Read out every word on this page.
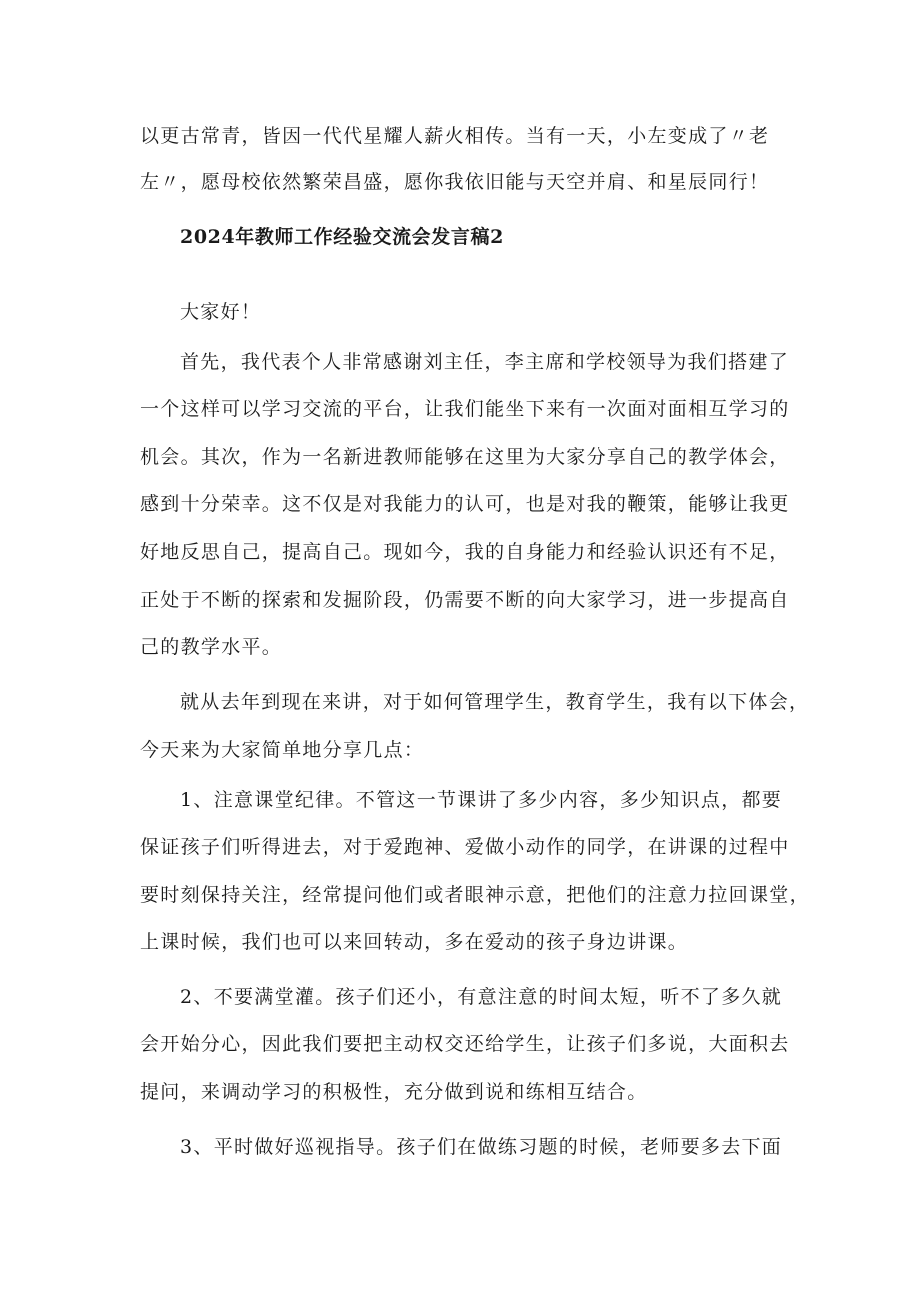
以更古常青，皆因一代代星耀人薪火相传。当有一天，小左变成了〃老
左〃，愿母校依然繁荣昌盛，愿你我依旧能与天空并肩、和星辰同行！
2024年教师工作经验交流会发言稿2
大家好！
首先，我代表个人非常感谢刘主任，李主席和学校领导为我们搭建了
一个这样可以学习交流的平台，让我们能坐下来有一次面对面相互学习的
机会。其次，作为一名新进教师能够在这里为大家分享自己的教学体会，
感到十分荣幸。这不仅是对我能力的认可，也是对我的鞭策，能够让我更
好地反思自己，提高自己。现如今，我的自身能力和经验认识还有不足，
正处于不断的探索和发掘阶段，仍需要不断的向大家学习，进一步提高自
己的教学水平。
就从去年到现在来讲，对于如何管理学生，教育学生，我有以下体会，
今天来为大家简单地分享几点：
1、注意课堂纪律。不管这一节课讲了多少内容，多少知识点，都要
保证孩子们听得进去，对于爱跑神、爱做小动作的同学，在讲课的过程中
要时刻保持关注，经常提问他们或者眼神示意，把他们的注意力拉回课堂，
上课时候，我们也可以来回转动，多在爱动的孩子身边讲课。
2、不要满堂灌。孩子们还小，有意注意的时间太短，听不了多久就
会开始分心，因此我们要把主动权交还给学生，让孩子们多说，大面积去
提问，来调动学习的积极性，充分做到说和练相互结合。
3、平时做好巡视指导。孩子们在做练习题的时候，老师要多去下面
